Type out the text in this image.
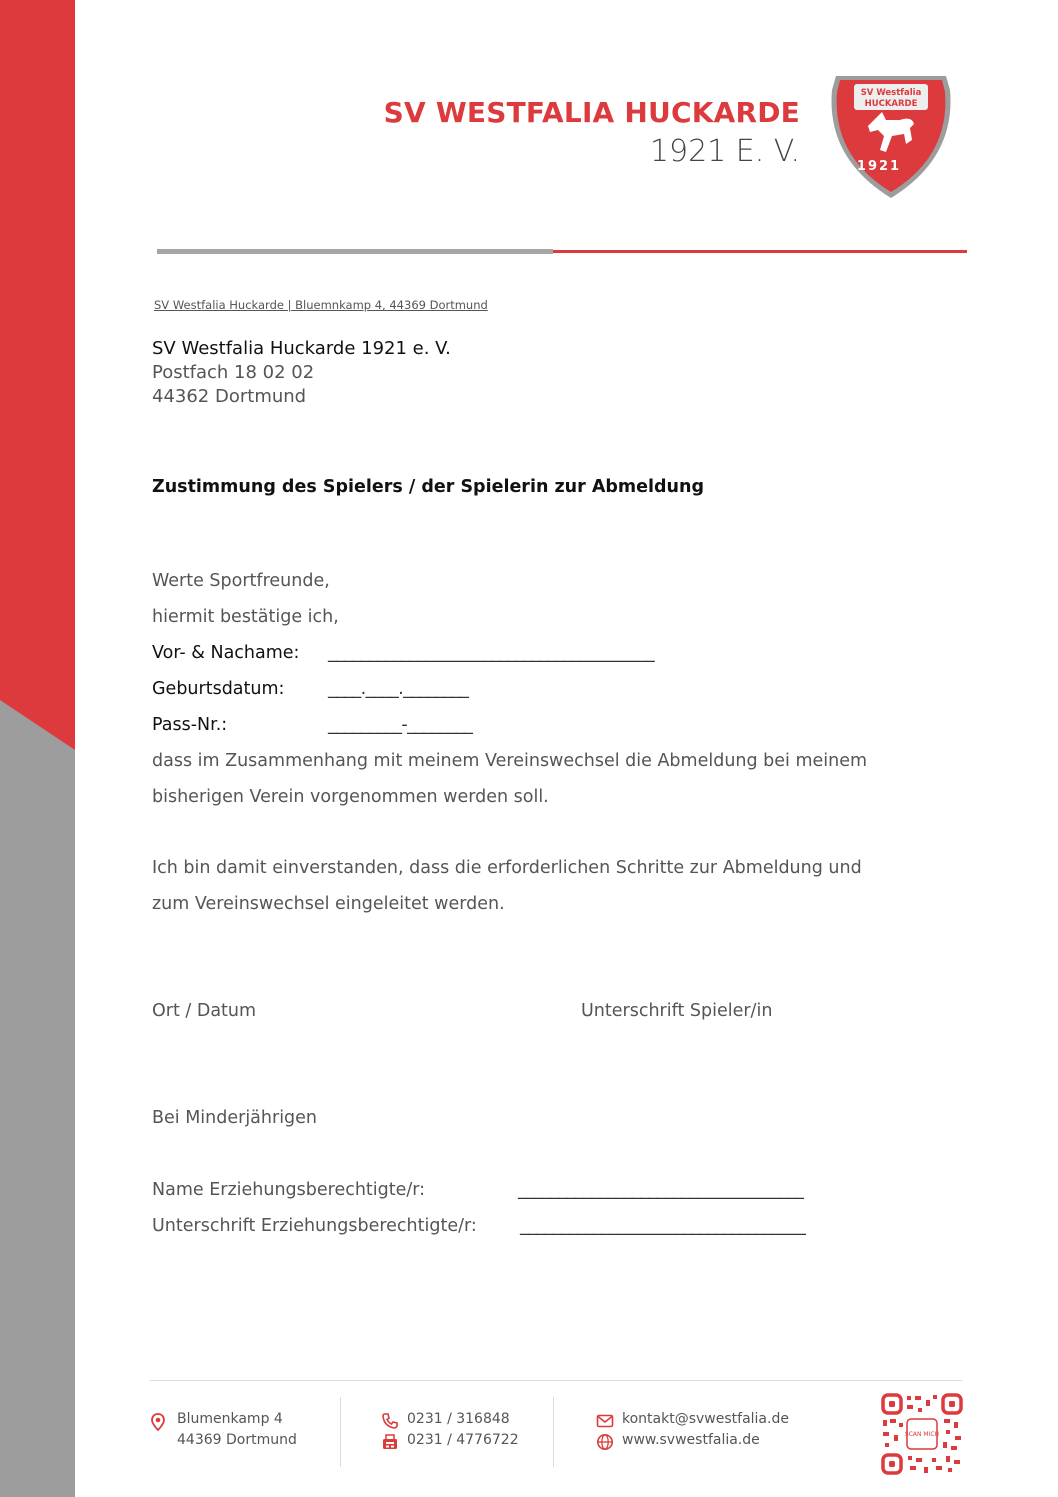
SV WESTFALIA HUCKARDE
1921 E. V.
SV Westfalia
HUCKARDE
1921
SV Westfalia Huckarde | Bluemnkamp 4, 44369 Dortmund
SV Westfalia Huckarde 1921 e. V.
Postfach 18 02 02
44362 Dortmund
Zustimmung des Spielers / der Spielerin zur Abmeldung
Werte Sportfreunde,
hiermit bestätige ich,
Vor- & Nachame: ________________________________________
Geburtsdatum: ____.____.________
Pass-Nr.:	_________-________
dass im Zusammenhang mit meinem Vereinswechsel die Abmeldung bei meinem
bisherigen Verein vorgenommen werden soll.
Ich bin damit einverstanden, dass die erforderlichen Schritte zur Abmeldung und
zum Vereinswechsel eingeleitet werden.
Ort / Datum	Unterschrift Spieler/in
Bei Minderjährigen
Name Erziehungsberechtigte/r:	___________________________________
Unterschrift Erziehungsberechtigte/r: ___________________________________
Blumenkamp 4
44369 Dortmund
0231 / 316848
0231 / 4776722
kontakt@svwestfalia.de
www.svwestfalia.de	SCAN MICH
